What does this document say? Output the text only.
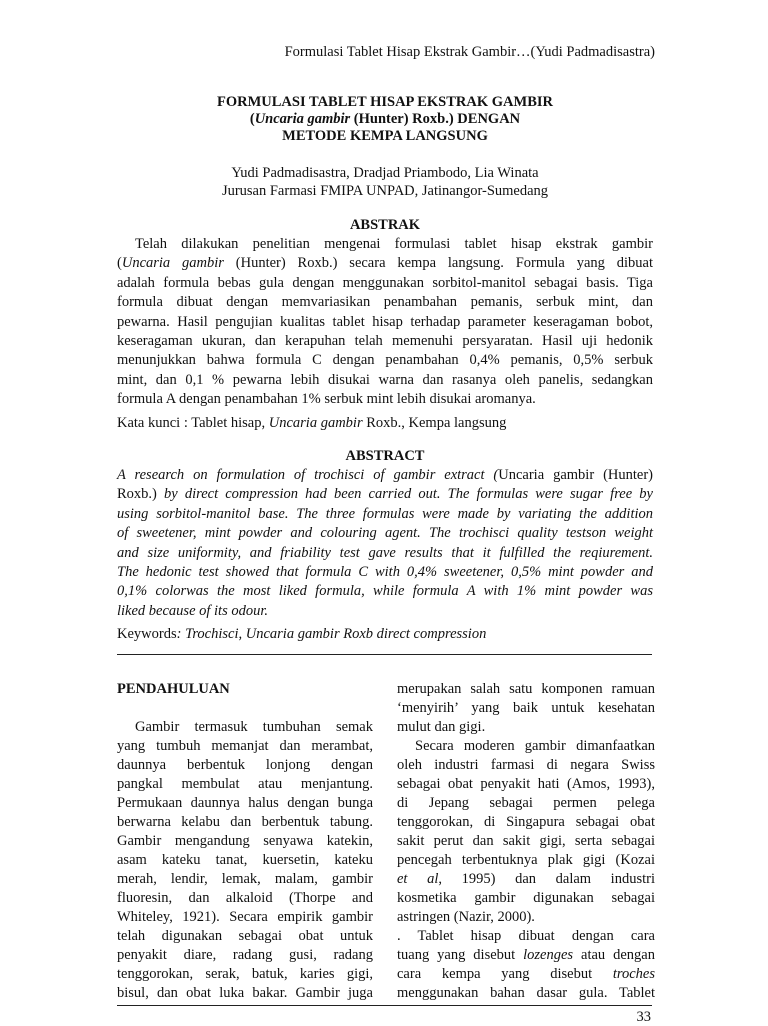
Formulasi Tablet Hisap Ekstrak Gambir…(Yudi Padmadisastra)
FORMULASI TABLET HISAP EKSTRAK GAMBIR
(Uncaria gambir (Hunter) Roxb.) DENGAN
METODE KEMPA LANGSUNG
Yudi Padmadisastra, Dradjad Priambodo, Lia Winata
Jurusan Farmasi FMIPA UNPAD, Jatinangor-Sumedang
ABSTRAK
Telah dilakukan penelitian mengenai formulasi tablet hisap ekstrak gambir
(Uncaria gambir (Hunter) Roxb.) secara kempa langsung. Formula yang dibuat
adalah formula bebas gula dengan menggunakan sorbitol-manitol sebagai basis. Tiga
formula dibuat dengan memvariasikan penambahan pemanis, serbuk mint, dan
pewarna. Hasil pengujian kualitas tablet hisap terhadap parameter keseragaman bobot,
keseragaman ukuran, dan kerapuhan telah memenuhi persyaratan. Hasil uji hedonik
menunjukkan bahwa formula C dengan penambahan 0,4% pemanis, 0,5% serbuk
mint, dan 0,1 % pewarna lebih disukai warna dan rasanya oleh panelis, sedangkan
formula A dengan penambahan 1% serbuk mint lebih disukai aromanya.
Kata kunci : Tablet hisap, Uncaria gambir Roxb., Kempa langsung
ABSTRACT
A research on formulation of trochisci of gambir extract (Uncaria gambir (Hunter)
Roxb.) by direct compression had been carried out. The formulas were sugar free by
using sorbitol-manitol base. The three formulas were made by variating the addition
of sweetener, mint powder and colouring agent. The trochisci quality testson weight
and size uniformity, and friability test gave results that it fulfilled the reqiurement.
The hedonic test showed that formula C with 0,4% sweetener, 0,5% mint powder and
0,1% colorwas the most liked formula, while formula A with 1% mint powder was
liked because of its odour.
Keywords: Trochisci, Uncaria gambir Roxb direct compression
PENDAHULUAN
Gambir termasuk tumbuhan semak
yang tumbuh memanjat dan merambat,
daunnya berbentuk lonjong dengan
pangkal membulat atau menjantung.
Permukaan daunnya halus dengan bunga
berwarna kelabu dan berbentuk tabung.
Gambir mengandung senyawa katekin,
asam kateku tanat, kuersetin, kateku
merah, lendir, lemak, malam, gambir
fluoresin, dan alkaloid (Thorpe and
Whiteley, 1921). Secara empirik gambir
telah digunakan sebagai obat untuk
penyakit diare, radang gusi, radang
tenggorokan, serak, batuk, karies gigi,
bisul, dan obat luka bakar. Gambir juga
merupakan salah satu komponen ramuan
‘menyirih’ yang baik untuk kesehatan
mulut dan gigi.
Secara moderen gambir dimanfaatkan
oleh industri farmasi di negara Swiss
sebagai obat penyakit hati (Amos, 1993),
di Jepang sebagai permen pelega
tenggorokan, di Singapura sebagai obat
sakit perut dan sakit gigi, serta sebagai
pencegah terbentuknya plak gigi (Kozai
et al, 1995) dan dalam industri
kosmetika gambir digunakan sebagai
astringen (Nazir, 2000).
. Tablet hisap dibuat dengan cara
tuang yang disebut lozenges atau dengan
cara kempa yang disebut troches
menggunakan bahan dasar gula. Tablet
33
